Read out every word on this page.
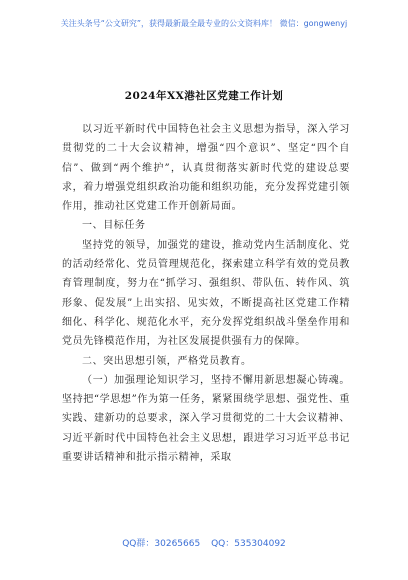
关注头条号“公文研究”，获得最新最全最专业的公文资料库！ 微信：gongwenyj
2024年XX港社区党建工作计划

以习近平新时代中国特色社会主义思想为指导，深入学习贯彻党的二十大会议精神，增强“四个意识”、坚定“四个自信”、做到“两个维护”，认真贯彻落实新时代党的建设总要求，着力增强党组织政治功能和组织功能，充分发挥党建引领作用，推动社区党建工作开创新局面。

一、目标任务

坚持党的领导，加强党的建设，推动党内生活制度化、党的活动经常化、党员管理规范化，探索建立科学有效的党员教育管理制度，努力在“抓学习、强组织、带队伍、转作风、筑形象、促发展”上出实招、见实效，不断提高社区党建工作精细化、科学化、规范化水平，充分发挥党组织战斗堡垒作用和党员先锋模范作用，为社区发展提供强有力的保障。

二、突出思想引领，严格党员教育。

（一）加强理论知识学习，坚持不懈用新思想凝心铸魂。坚持把“学思想”作为第一任务，紧紧围绕学思想、强党性、重实践、建新功的总要求，深入学习贯彻党的二十大会议精神、习近平新时代中国特色社会主义思想，跟进学习习近平总书记重要讲话精神和批示指示精神，采取

QQ群：30265665 QQ：535304092
